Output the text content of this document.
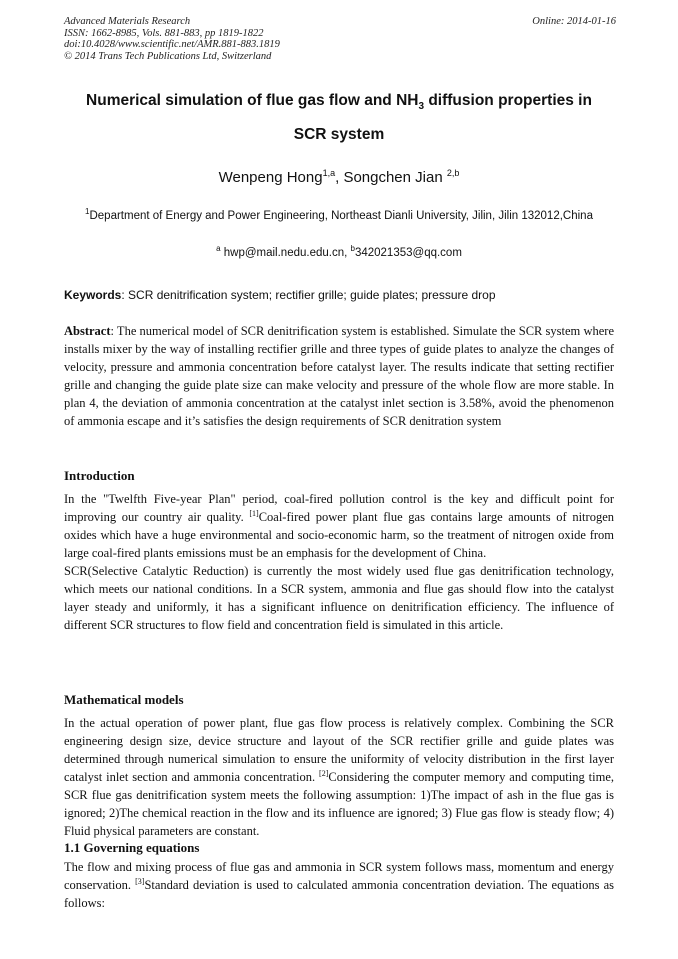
Advanced Materials Research
ISSN: 1662-8985, Vols. 881-883, pp 1819-1822
doi:10.4028/www.scientific.net/AMR.881-883.1819
© 2014 Trans Tech Publications Ltd, Switzerland
Online: 2014-01-16
Numerical simulation of flue gas flow and $NH_3$ diffusion properties in
SCR system
Wenpeng Hong$^{1,a}$, Songchen Jian $^{2,b}$
$^1$Department of Energy and Power Engineering, Northeast Dianli University, Jilin, Jilin 132012,China
$^a$ hwp@mail.nedu.edu.cn, $^b$342021353@qq.com
Keywords: SCR denitrification system; rectifier grille; guide plates; pressure drop

Abstract: The numerical model of SCR denitrification system is established. Simulate the SCR system where installs mixer by the way of installing rectifier grille and three types of guide plates to analyze the changes of velocity, pressure and ammonia concentration before catalyst layer. The results indicate that setting rectifier grille and changing the guide plate size can make velocity and pressure of the whole flow are more stable. In plan 4, the deviation of ammonia concentration at the catalyst inlet section is 3.58%, avoid the phenomenon of ammonia escape and it’s satisfies the design requirements of SCR denitration system

Introduction

In the "Twelfth Five-year Plan" period, coal-fired pollution control is the key and difficult point for improving our country air quality. [1]Coal-fired power plant flue gas contains large amounts of nitrogen oxides which have a huge environmental and socio-economic harm, so the treatment of nitrogen oxide from large coal-fired plants emissions must be an emphasis for the development of China.

SCR(Selective Catalytic Reduction) is currently the most widely used flue gas denitrification technology, which meets our national conditions. In a SCR system, ammonia and flue gas should flow into the catalyst layer steady and uniformly, it has a significant influence on denitrification efficiency. The influence of different SCR structures to flow field and concentration field is simulated in this article.

Mathematical models

In the actual operation of power plant, flue gas flow process is relatively complex. Combining the SCR engineering design size, device structure and layout of the SCR rectifier grille and guide plates was determined through numerical simulation to ensure the uniformity of velocity distribution in the first layer catalyst inlet section and ammonia concentration. [2]Considering the computer memory and computing time, SCR flue gas denitrification system meets the following assumption: 1)The impact of ash in the flue gas is ignored; 2)The chemical reaction in the flow and its influence are ignored; 3) Flue gas flow is steady flow; 4) Fluid physical parameters are constant.

1.1 Governing equations

The flow and mixing process of flue gas and ammonia in SCR system follows mass, momentum and energy conservation. [3]Standard deviation is used to calculated ammonia concentration deviation. The equations as follows:
